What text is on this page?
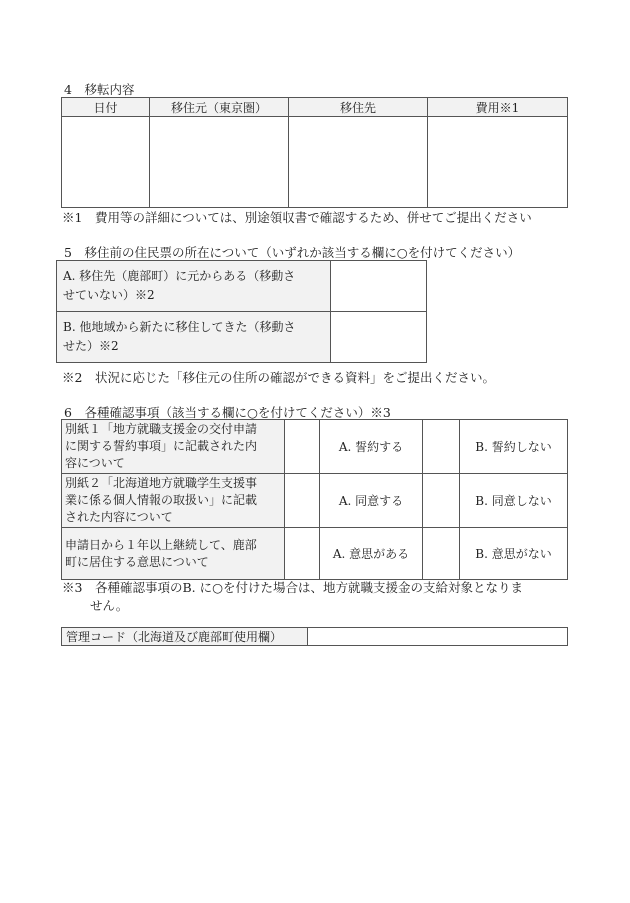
4　移転内容
日付	移住元（東京圏）	移住先	費用※1

※1　費用等の詳細については、別途領収書で確認するため、併せてご提出ください
5　移住前の住民票の所在について（いずれか該当する欄に○を付けてください）
A. 移住先（鹿部町）に元からある（移動さ
せていない）※2	

B. 他地域から新たに移住してきた（移動さ
せた）※2	

※2　状況に応じた「移住元の住所の確認ができる資料」をご提出ください。
6　各種確認事項（該当する欄に○を付けてください）※3
別紙１「地方就職支援金の交付申請
に関する誓約事項」に記載された内
容について		A. 誓約する		B. 誓約しない

別紙２「北海道地方就職学生支援事
業に係る個人情報の取扱い」に記載
された内容について		A. 同意する		B. 同意しない

申請日から１年以上継続して、鹿部
町に居住する意思について		A. 意思がある		B. 意思がない
※3　各種確認事項のB. に○を付けた場合は、地方就職支援金の支給対象となりま
せん。
管理コード（北海道及び鹿部町使用欄）	
